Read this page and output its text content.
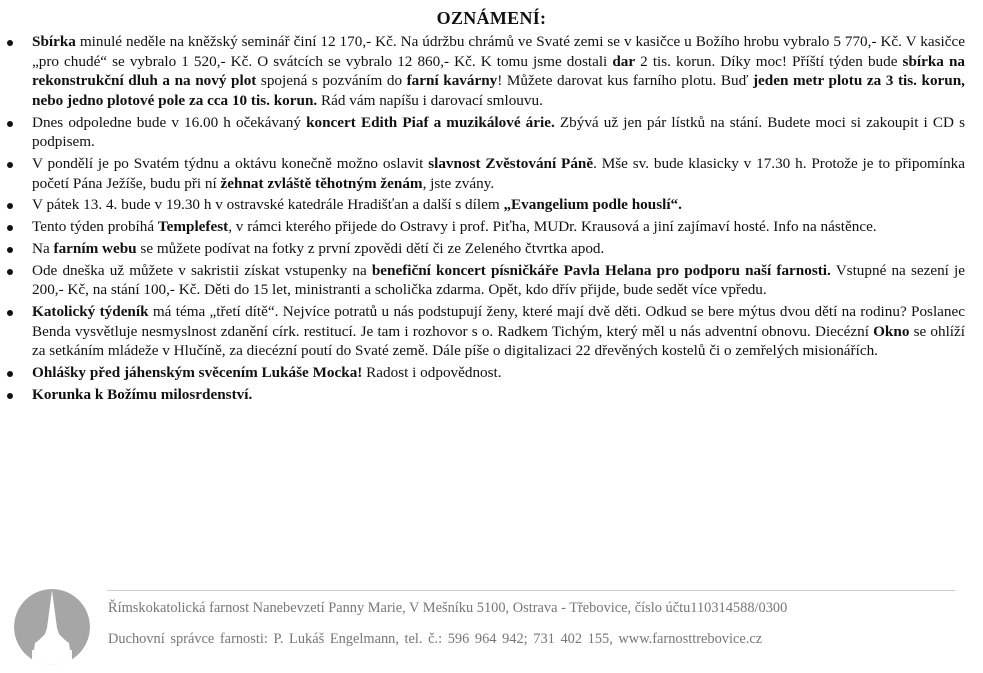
OZNÁMENÍ:
Sbírka minulé neděle na kněžský seminář činí 12 170,- Kč. Na údržbu chrámů ve Svaté zemi se v kasičce u Božího hrobu vybralo 5 770,- Kč. V kasičce „pro chudé“ se vybralo 1 520,- Kč. O svátcích se vybralo 12 860,- Kč. K tomu jsme dostali dar 2 tis. korun. Díky moc! Příští týden bude sbírka na rekonstrukční dluh a na nový plot spojená s pozváním do farní kavárny! Můžete darovat kus farního plotu. Buď jeden metr plotu za 3 tis. korun, nebo jedno plotové pole za cca 10 tis. korun. Rád vám napíšu i darovací smlouvu.
Dnes odpoledne bude v 16.00 h očekávaný koncert Edith Piaf a muzikálové árie. Zbývá už jen pár lístků na stání. Budete moci si zakoupit i CD s podpisem.
V pondělí je po Svatém týdnu a oktávu konečně možno oslavit slavnost Zvěstování Páně. Mše sv. bude klasicky v 17.30 h. Protože je to připomínka početí Pána Ježíše, budu při ní žehnat zvláště těhotným ženám, jste zvány.
V pátek 13. 4. bude v 19.30 h v ostravské katedrále Hradišťan a další s dílem „Evangelium podle houslí“.
Tento týden probíhá Templefest, v rámci kterého přijede do Ostravy i prof. Piťha, MUDr. Krausová a jiní zajímaví hosté. Info na nástěnce.
Na farním webu se můžete podívat na fotky z první zpovědi dětí či ze Zeleného čtvrtka apod.
Ode dneška už můžete v sakristii získat vstupenky na benefiční koncert písničkáře Pavla Helana pro podporu naší farnosti. Vstupné na sezení je 200,- Kč, na stání 100,- Kč. Děti do 15 let, ministranti a scholička zdarma. Opět, kdo dřív přijde, bude sedět více vpředu.
Katolický týdeník má téma „třetí dítě“. Nejvíce potratů u nás podstupují ženy, které mají dvě děti. Odkud se bere mýtus dvou dětí na rodinu? Poslanec Benda vysvětluje nesmyslnost zdanění círk. restitucí. Je tam i rozhovor s o. Radkem Tichým, který měl u nás adventní obnovu. Diecézní Okno se ohlíží za setkáním mládeže v Hlučíně, za diecézní poutí do Svaté země. Dále píše o digitalizaci 22 dřevěných kostelů či o zemřelých misionářích.
Ohlášky před jáhenským svěcením Lukáše Mocka! Radost i odpovědnost.
Korunka k Božímu milosrdenství.
Římskokatolická farnost Nanebevzetí Panny Marie, V Mešníku 5100, Ostrava - Třebovice, číslo účtu110314588/0300
Duchovní správce farnosti: P. Lukáš Engelmann, tel. č.: 596 964 942; 731 402 155, www.farnosttrebovice.cz
